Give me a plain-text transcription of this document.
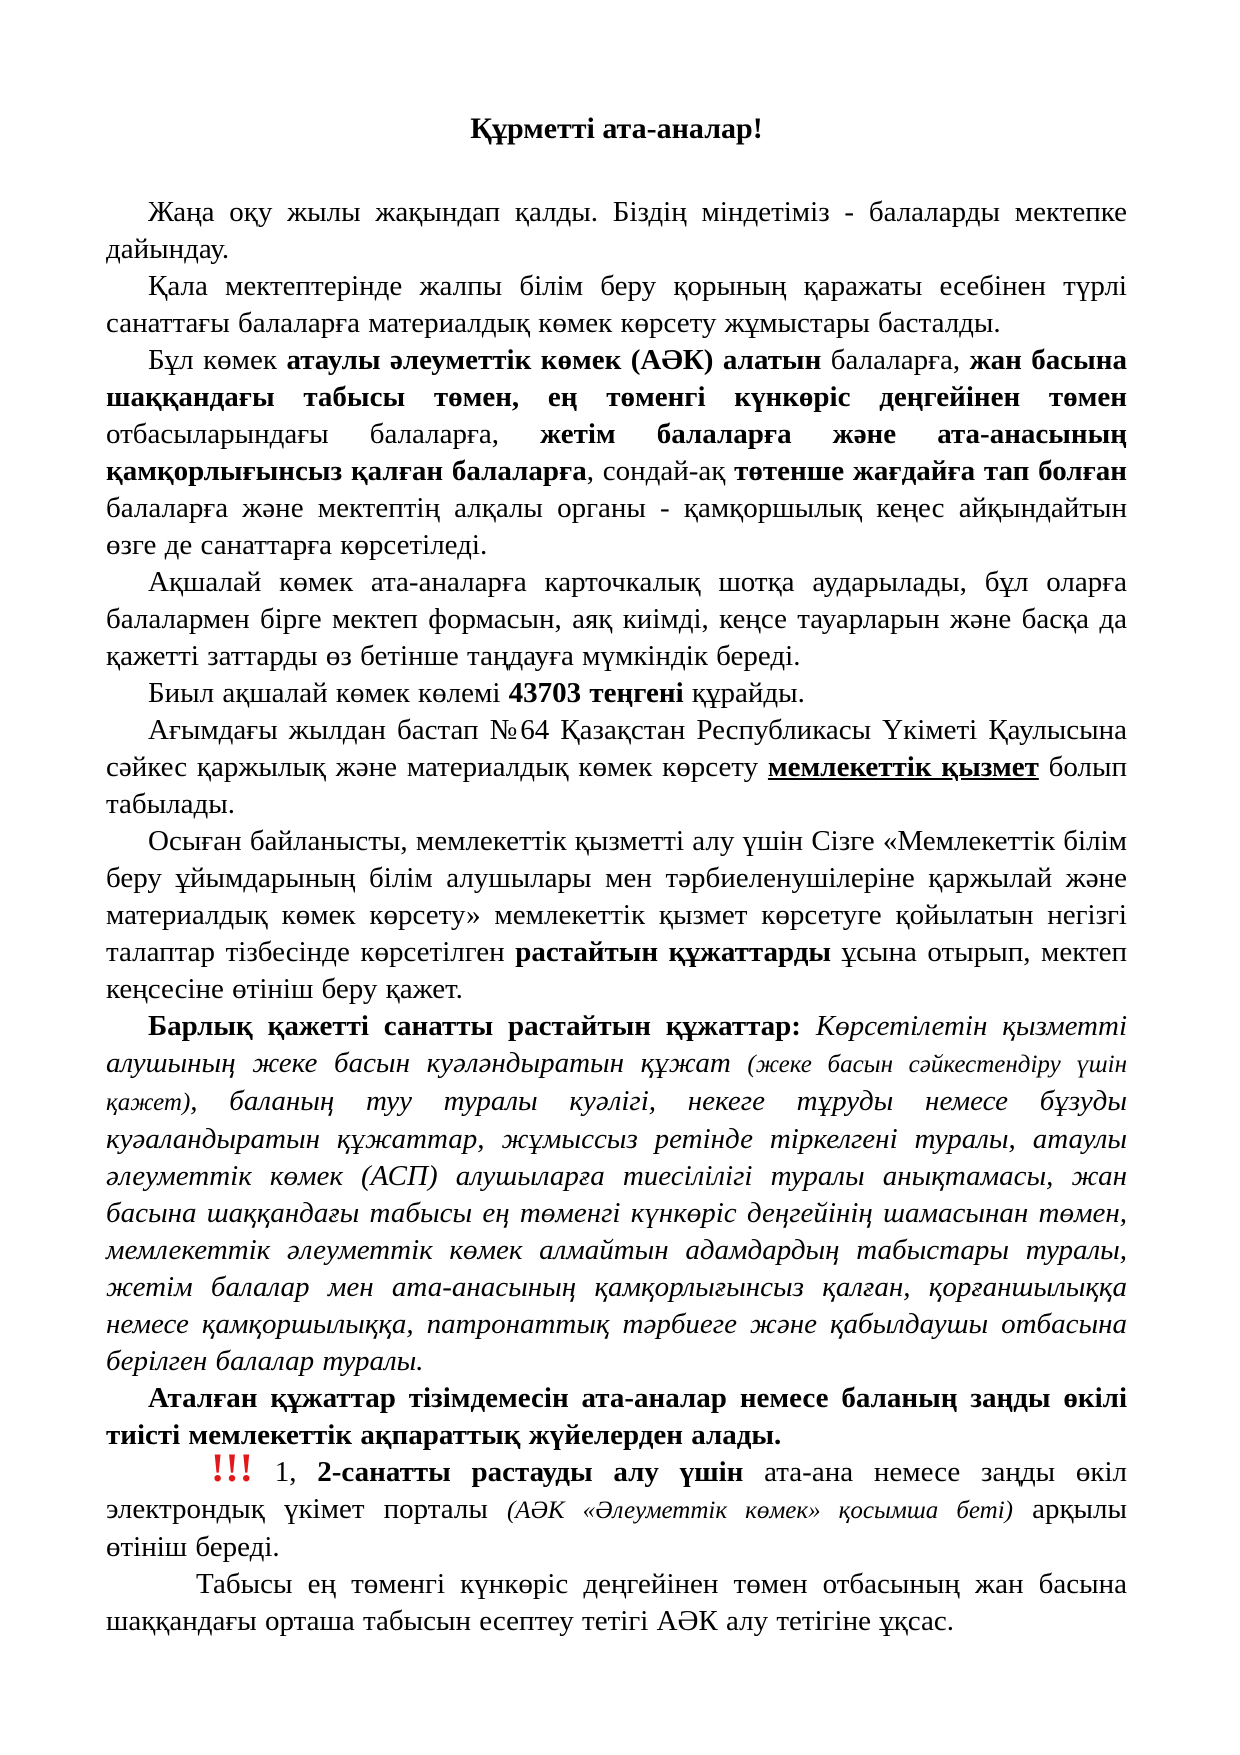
Құрметті ата-аналар!

Жаңа оқу жылы жақындап қалды. Біздің міндетіміз - балаларды мектепке дайындау.

Қала мектептерінде жалпы білім беру қорының қаражаты есебінен түрлі санаттағы балаларға материалдық көмек көрсету жұмыстары басталды.

Бұл көмек атаулы әлеуметтік көмек (АӘК) алатын балаларға, жан басына шаққандағы табысы төмен, ең төменгі күнкөріс деңгейінен төмен отбасыларындағы балаларға, жетім балаларға және ата-анасының қамқорлығынсыз қалған балаларға, сондай-ақ төтенше жағдайға тап болған балаларға және мектептің алқалы органы - қамқоршылық кеңес айқындайтын өзге де санаттарға көрсетіледі.

Ақшалай көмек ата-аналарға карточкалық шотқа аударылады, бұл оларға балалармен бірге мектеп формасын, аяқ киімді, кеңсе тауарларын және басқа да қажетті заттарды өз бетінше таңдауға мүмкіндік береді.

Биыл ақшалай көмек көлемі 43703 теңгені құрайды.

Ағымдағы жылдан бастап №64 Қазақстан Республикасы Үкіметі Қаулысына сәйкес қаржылық және материалдық көмек көрсету мемлекеттік қызмет болып табылады.

Осыған байланысты, мемлекеттік қызметті алу үшін Сізге «Мемлекеттік білім беру ұйымдарының білім алушылары мен тәрбиеленушілеріне қаржылай және материалдық көмек көрсету» мемлекеттік қызмет көрсетуге қойылатын негізгі талаптар тізбесінде көрсетілген растайтын құжаттарды ұсына отырып, мектеп кеңсесіне өтініш беру қажет.

Барлық қажетті санатты растайтын құжаттар: Көрсетілетін қызметті алушының жеке басын куәләндыратын құжат (жеке басын сәйкестендіру үшін қажет), баланың туу туралы куәлігі, некеге тұруды немесе бұзуды куәаландыратын құжаттар, жұмыссыз ретінде тіркелгені туралы, атаулы әлеуметтік көмек (АСП) алушыларға тиесілілігі туралы анықтамасы, жан басына шаққандағы табысы ең төменгі күнкөріс деңгейінің шамасынан төмен, мемлекеттік әлеуметтік көмек алмайтын адамдардың табыстары туралы, жетім балалар мен ата-анасының қамқорлығынсыз қалған, қорғаншылыққа немесе қамқоршылыққа, патронаттық тәрбиеге және қабылдаушы отбасына берілген балалар туралы.

Аталған құжаттар тізімдемесін ата-аналар немесе баланың заңды өкілі тиісті мемлекеттік ақпараттық жүйелерден алады.

!!! 1, 2-санатты растауды алу үшін ата-ана немесе заңды өкіл электрондық үкімет порталы (АӘК «Әлеуметтік көмек» қосымша беті) арқылы өтініш береді.

Табысы ең төменгі күнкөріс деңгейінен төмен отбасының жан басына шаққандағы орташа табысын есептеу тетігі АӘК алу тетігіне ұқсас.
